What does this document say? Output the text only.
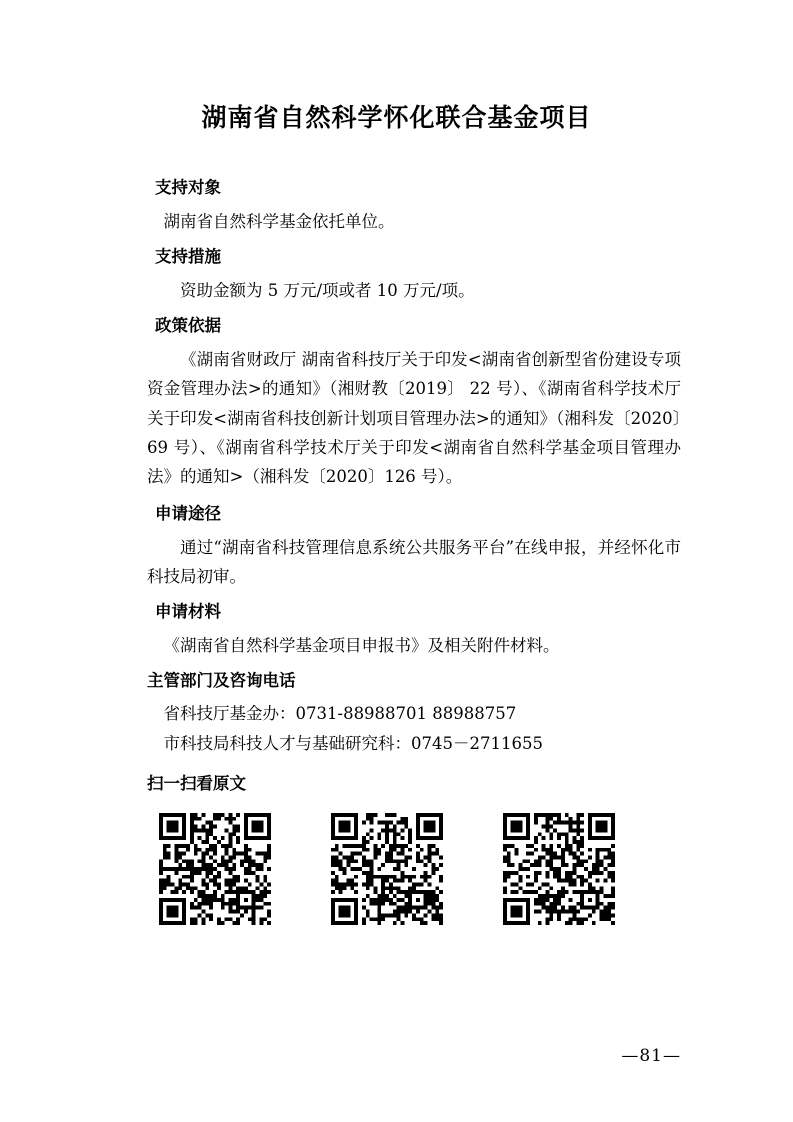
湖南省自然科学怀化联合基金项目
支持对象

湖南省自然科学基金依托单位。

支持措施

资助金额为 5 万元/项或者 10 万元/项。

政策依据

《湖南省财政厅 湖南省科技厅关于印发<湖南省创新型省份建设专项资金管理办法>的通知》（湘财教〔2019〕 22 号）、《湖南省科学技术厅关于印发<湖南省科技创新计划项目管理办法>的通知》（湘科发〔2020〕69 号）、《湖南省科学技术厅关于印发<湖南省自然科学基金项目管理办法》的通知>（湘科发〔2020〕126 号）。

申请途径

通过“湖南省科技管理信息系统公共服务平台”在线申报，并经怀化市科技局初审。

申请材料

《湖南省自然科学基金项目申报书》及相关附件材料。

主管部门及咨询电话

省科技厅基金办：0731-88988701 88988757

市科技局科技人才与基础研究科：0745－2711655

扫一扫看原文
—81—
